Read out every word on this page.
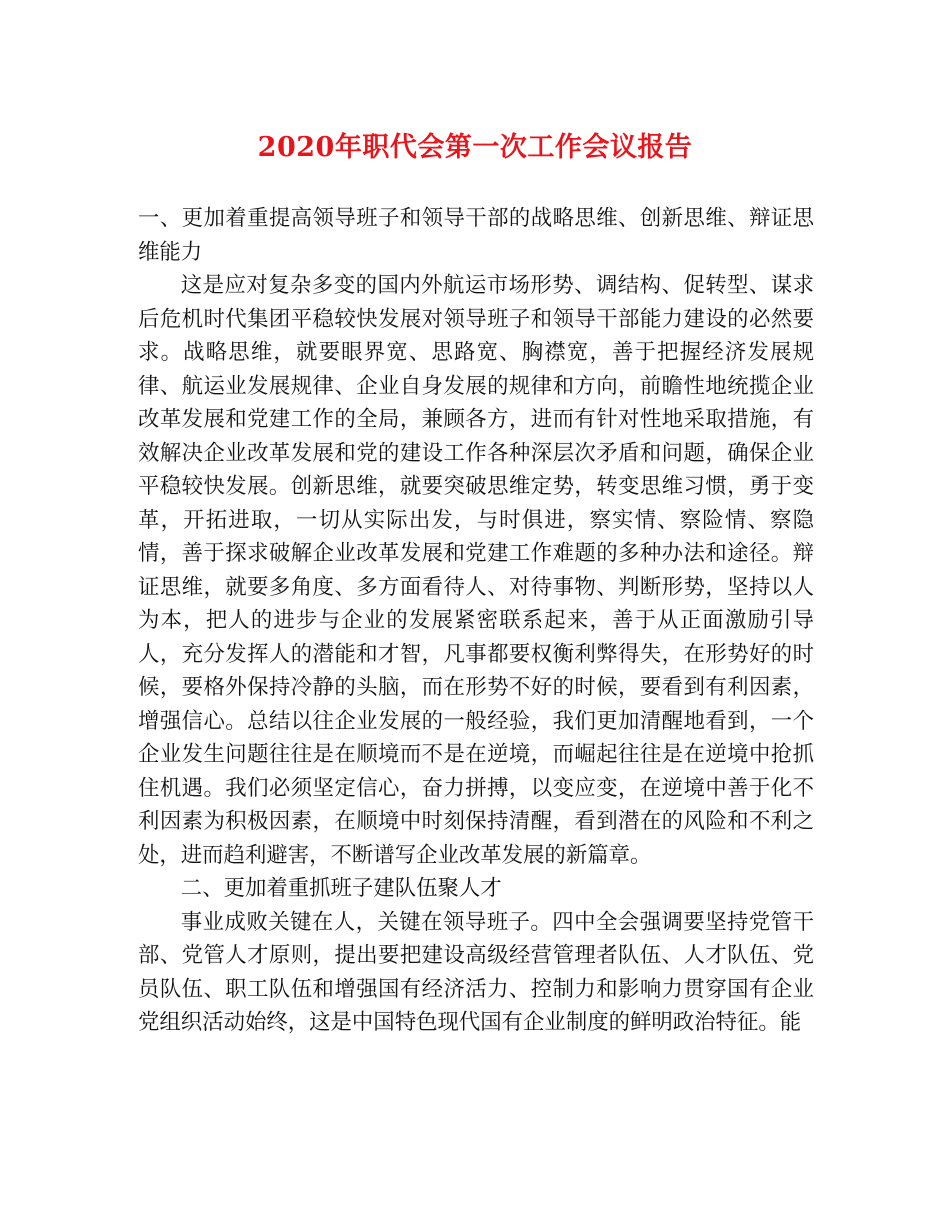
2020年职代会第一次工作会议报告

一、更加着重提高领导班子和领导干部的战略思维、创新思维、辩证思维能力

这是应对复杂多变的国内外航运市场形势、调结构、促转型、谋求后危机时代集团平稳较快发展对领导班子和领导干部能力建设的必然要求。战略思维，就要眼界宽、思路宽、胸襟宽，善于把握经济发展规律、航运业发展规律、企业自身发展的规律和方向，前瞻性地统揽企业改革发展和党建工作的全局，兼顾各方，进而有针对性地采取措施，有效解决企业改革发展和党的建设工作各种深层次矛盾和问题，确保企业平稳较快发展。创新思维，就要突破思维定势，转变思维习惯，勇于变革，开拓进取，一切从实际出发，与时俱进，察实情、察险情、察隐情，善于探求破解企业改革发展和党建工作难题的多种办法和途径。辩证思维，就要多角度、多方面看待人、对待事物、判断形势，坚持以人为本，把人的进步与企业的发展紧密联系起来，善于从正面激励引导人，充分发挥人的潜能和才智，凡事都要权衡利弊得失，在形势好的时候，要格外保持冷静的头脑，而在形势不好的时候，要看到有利因素，增强信心。总结以往企业发展的一般经验，我们更加清醒地看到，一个企业发生问题往往是在顺境而不是在逆境，而崛起往往是在逆境中抢抓住机遇。我们必须坚定信心，奋力拼搏，以变应变，在逆境中善于化不利因素为积极因素，在顺境中时刻保持清醒，看到潜在的风险和不利之处，进而趋利避害，不断谱写企业改革发展的新篇章。

二、更加着重抓班子建队伍聚人才

事业成败关键在人，关键在领导班子。四中全会强调要坚持党管干部、党管人才原则，提出要把建设高级经营管理者队伍、人才队伍、党员队伍、职工队伍和增强国有经济活力、控制力和影响力贯穿国有企业党组织活动始终，这是中国特色现代国有企业制度的鲜明政治特征。能
